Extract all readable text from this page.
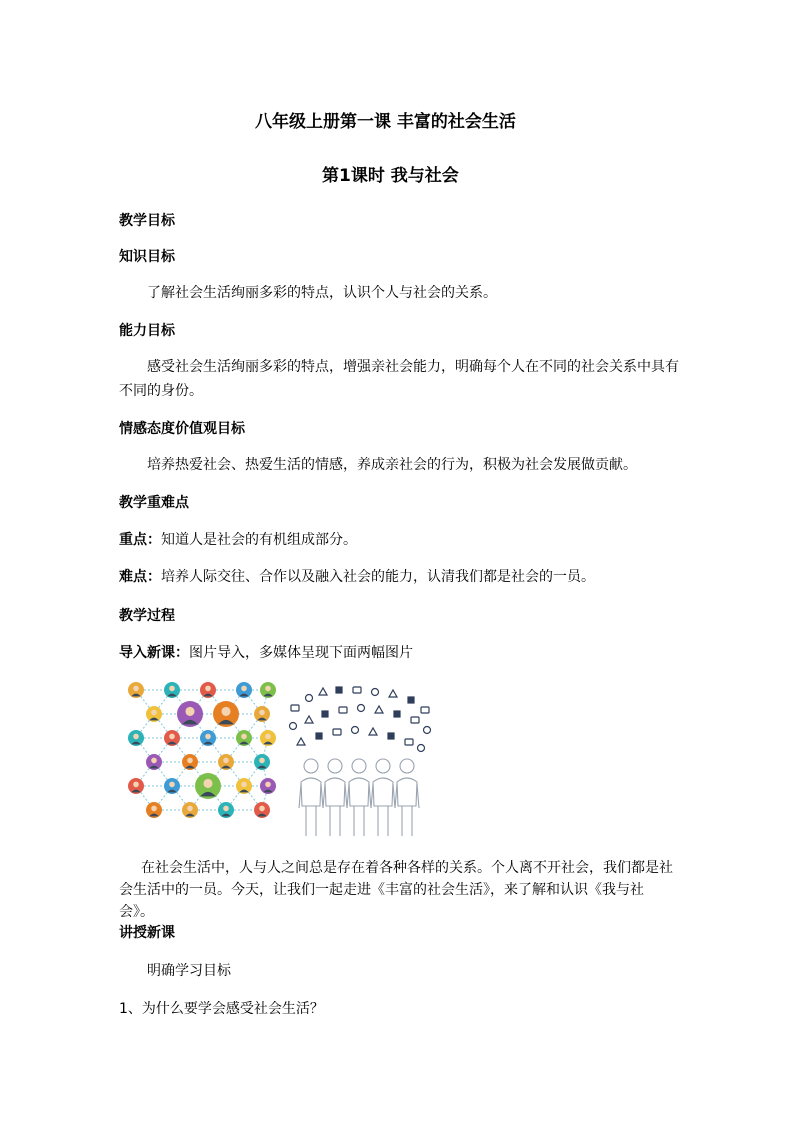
八年级上册第一课 丰富的社会生活
第1课时 我与社会
教学目标
知识目标
了解社会生活绚丽多彩的特点，认识个人与社会的关系。
能力目标
感受社会生活绚丽多彩的特点，增强亲社会能力，明确每个人在不同的社会关系中具有
不同的身份。
情感态度价值观目标
培养热爱社会、热爱生活的情感，养成亲社会的行为，积极为社会发展做贡献。
教学重难点
重点：知道人是社会的有机组成部分。
难点：培养人际交往、合作以及融入社会的能力，认清我们都是社会的一员。
教学过程
导入新课：图片导入，多媒体呈现下面两幅图片
在社会生活中，人与人之间总是存在着各种各样的关系。个人离不开社会，我们都是社
会生活中的一员。今天，让我们一起走进《丰富的社会生活》，来了解和认识《我与社
会》。
讲授新课
明确学习目标
1、为什么要学会感受社会生活？
